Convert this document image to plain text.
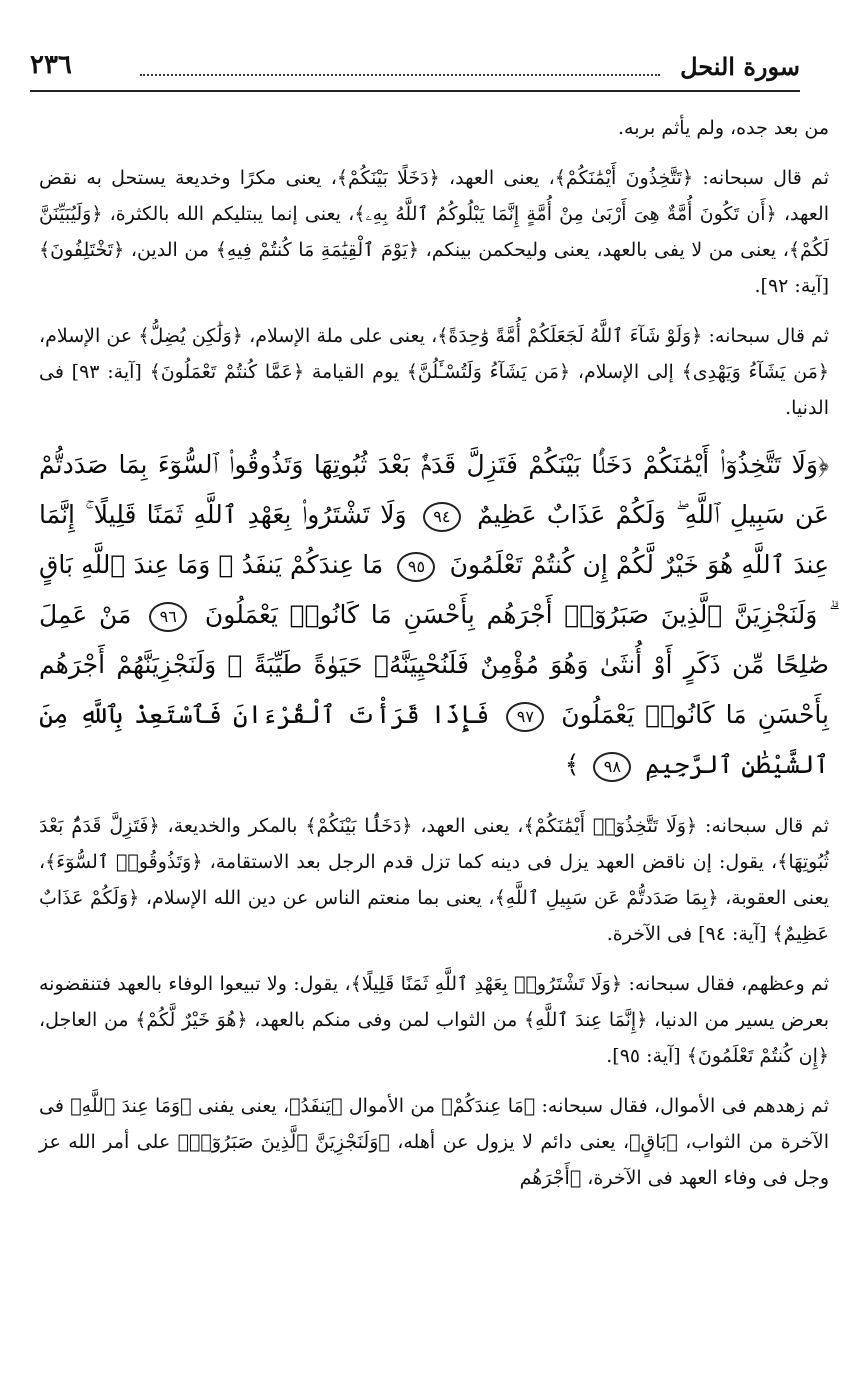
سورة النحل
٢٣٦

من بعد جده، ولم يأثم بربه.

ثم قال سبحانه: ﴿تَتَّخِذُونَ أَيْمَٰنَكُمْ﴾، يعنى العهد، ﴿دَخَلًا بَيْنَكُمْ﴾، يعنى مكرًا وخديعة يستحل به نقض العهد، ﴿أَن تَكُونَ أُمَّةٌ هِىَ أَرْبَىٰ مِنْ أُمَّةٍ إِنَّمَا يَبْلُوكُمُ ٱللَّهُ بِهِۦ﴾، يعنى إنما يبتليكم الله بالكثرة، ﴿وَلَيُبَيِّنَنَّ لَكُمْ﴾، يعنى من لا يفى بالعهد، يعنى وليحكمن بينكم، ﴿يَوْمَ ٱلْقِيَٰمَةِ مَا كُنتُمْ فِيهِ﴾ من الدين، ﴿تَخْتَلِفُونَ﴾ [آية: ٩٢].

ثم قال سبحانه: ﴿وَلَوْ شَآءَ ٱللَّهُ لَجَعَلَكُمْ أُمَّةً وَٰحِدَةً﴾، يعنى على ملة الإسلام، ﴿وَلَٰكِن يُضِلُّ﴾ عن الإسلام، ﴿مَن يَشَآءُ وَيَهْدِى﴾ إلى الإسلام، ﴿مَن يَشَآءُ وَلَتُسْـَٔلُنَّ﴾ يوم القيامة ﴿عَمَّا كُنتُمْ تَعْمَلُونَ﴾ [آية: ٩٣] فى الدنيا.

﴿وَلَا تَتَّخِذُوٓا۟ أَيْمَٰنَكُمْ دَخَلًۢا بَيْنَكُمْ فَتَزِلَّ قَدَمٌۢ بَعْدَ ثُبُوتِهَا وَتَذُوقُوا۟ ٱلسُّوٓءَ بِمَا صَدَدتُّمْ عَن سَبِيلِ ٱللَّهِ ۖ وَلَكُمْ عَذَابٌ عَظِيمٌ ٩٤ وَلَا تَشْتَرُوا۟ بِعَهْدِ ٱللَّهِ ثَمَنًا قَلِيلًا ۚ إِنَّمَا عِندَ ٱللَّهِ هُوَ خَيْرٌ لَّكُمْ إِن كُنتُمْ تَعْلَمُونَ ٩٥ مَا عِندَكُمْ يَنفَدُ ۖ وَمَا عِندَ ٱللَّهِ بَاقٍ ۗ وَلَنَجْزِيَنَّ ٱلَّذِينَ صَبَرُوٓا۟ أَجْرَهُم بِأَحْسَنِ مَا كَانُوا۟ يَعْمَلُونَ ٩٦ مَنْ عَمِلَ صَٰلِحًا مِّن ذَكَرٍ أَوْ أُنثَىٰ وَهُوَ مُؤْمِنٌ فَلَنُحْيِيَنَّهُۥ حَيَوٰةً طَيِّبَةً ۖ وَلَنَجْزِيَنَّهُمْ أَجْرَهُم بِأَحْسَنِ مَا كَانُوا۟ يَعْمَلُونَ ٩٧ فَإِذَا قَرَأْتَ ٱلْقُرْءَانَ فَٱسْتَعِذْ بِٱللَّهِ مِنَ ٱلشَّيْطَٰنِ ٱلرَّجِيمِ ٩٨ ﴾

ثم قال سبحانه: ﴿وَلَا تَتَّخِذُوٓا۟ أَيْمَٰنَكُمْ﴾، يعنى العهد، ﴿دَخَلًۢا بَيْنَكُمْ﴾ بالمكر والخديعة، ﴿فَتَزِلَّ قَدَمٌۢ بَعْدَ ثُبُوتِهَا﴾، يقول: إن ناقض العهد يزل فى دينه كما تزل قدم الرجل بعد الاستقامة، ﴿وَتَذُوقُوا۟ ٱلسُّوٓءَ﴾، يعنى العقوبة، ﴿بِمَا صَدَدتُّمْ عَن سَبِيلِ ٱللَّهِ﴾، يعنى بما منعتم الناس عن دين الله الإسلام، ﴿وَلَكُمْ عَذَابٌ عَظِيمٌ﴾ [آية: ٩٤] فى الآخرة.

ثم وعظهم، فقال سبحانه: ﴿وَلَا تَشْتَرُوا۟ بِعَهْدِ ٱللَّهِ ثَمَنًا قَلِيلًا﴾، يقول: ولا تبيعوا الوفاء بالعهد فتنقضونه بعرض يسير من الدنيا، ﴿إِنَّمَا عِندَ ٱللَّهِ﴾ من الثواب لمن وفى منكم بالعهد، ﴿هُوَ خَيْرٌ لَّكُمْ﴾ من العاجل، ﴿إِن كُنتُمْ تَعْلَمُونَ﴾ [آية: ٩٥].

ثم زهدهم فى الأموال، فقال سبحانه: ﴿مَا عِندَكُمْ﴾ من الأموال ﴿يَنفَدُ﴾، يعنى يفنى ﴿وَمَا عِندَ ٱللَّهِ﴾ فى الآخرة من الثواب، ﴿بَاقٍ﴾، يعنى دائم لا يزول عن أهله، ﴿وَلَنَجْزِيَنَّ ٱلَّذِينَ صَبَرُوٓا۟﴾ على أمر الله عز وجل فى وفاء العهد فى الآخرة، ﴿أَجْرَهُم
